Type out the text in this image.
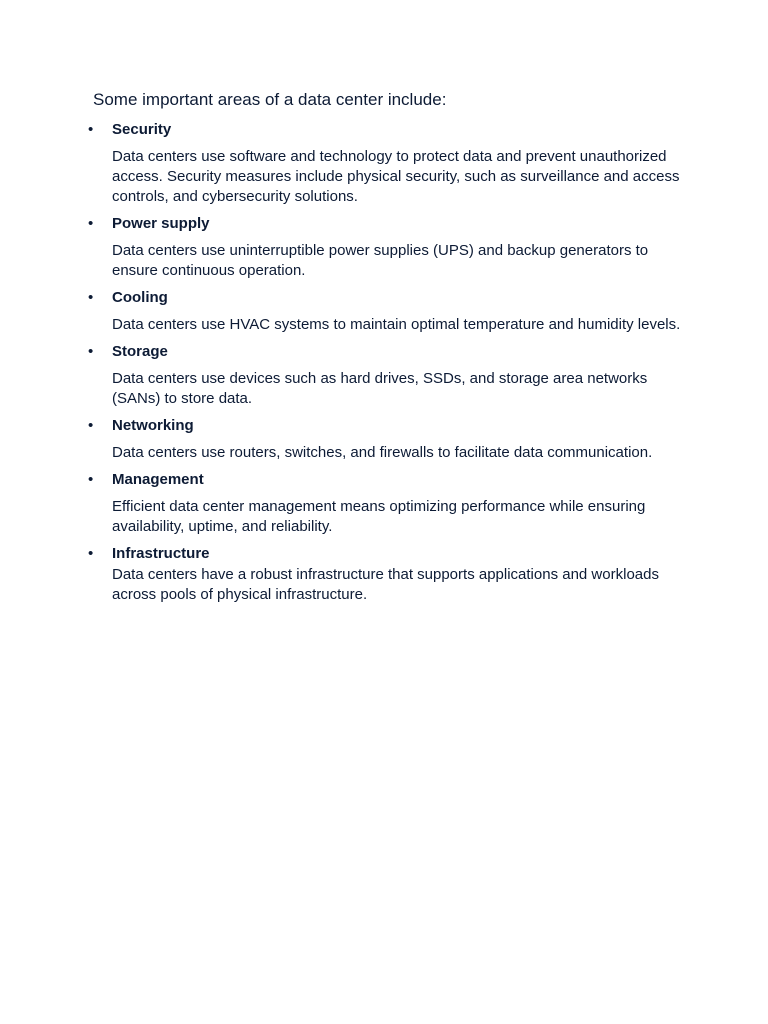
Some important areas of a data center include:
• Security
Data centers use software and technology to protect data and prevent unauthorized access. Security measures include physical security, such as surveillance and access controls, and cybersecurity solutions.
• Power supply
Data centers use uninterruptible power supplies (UPS) and backup generators to ensure continuous operation.
• Cooling
Data centers use HVAC systems to maintain optimal temperature and humidity levels.
• Storage
Data centers use devices such as hard drives, SSDs, and storage area networks (SANs) to store data.
• Networking
Data centers use routers, switches, and firewalls to facilitate data communication.
• Management
Efficient data center management means optimizing performance while ensuring availability, uptime, and reliability.
• Infrastructure
Data centers have a robust infrastructure that supports applications and workloads across pools of physical infrastructure.
